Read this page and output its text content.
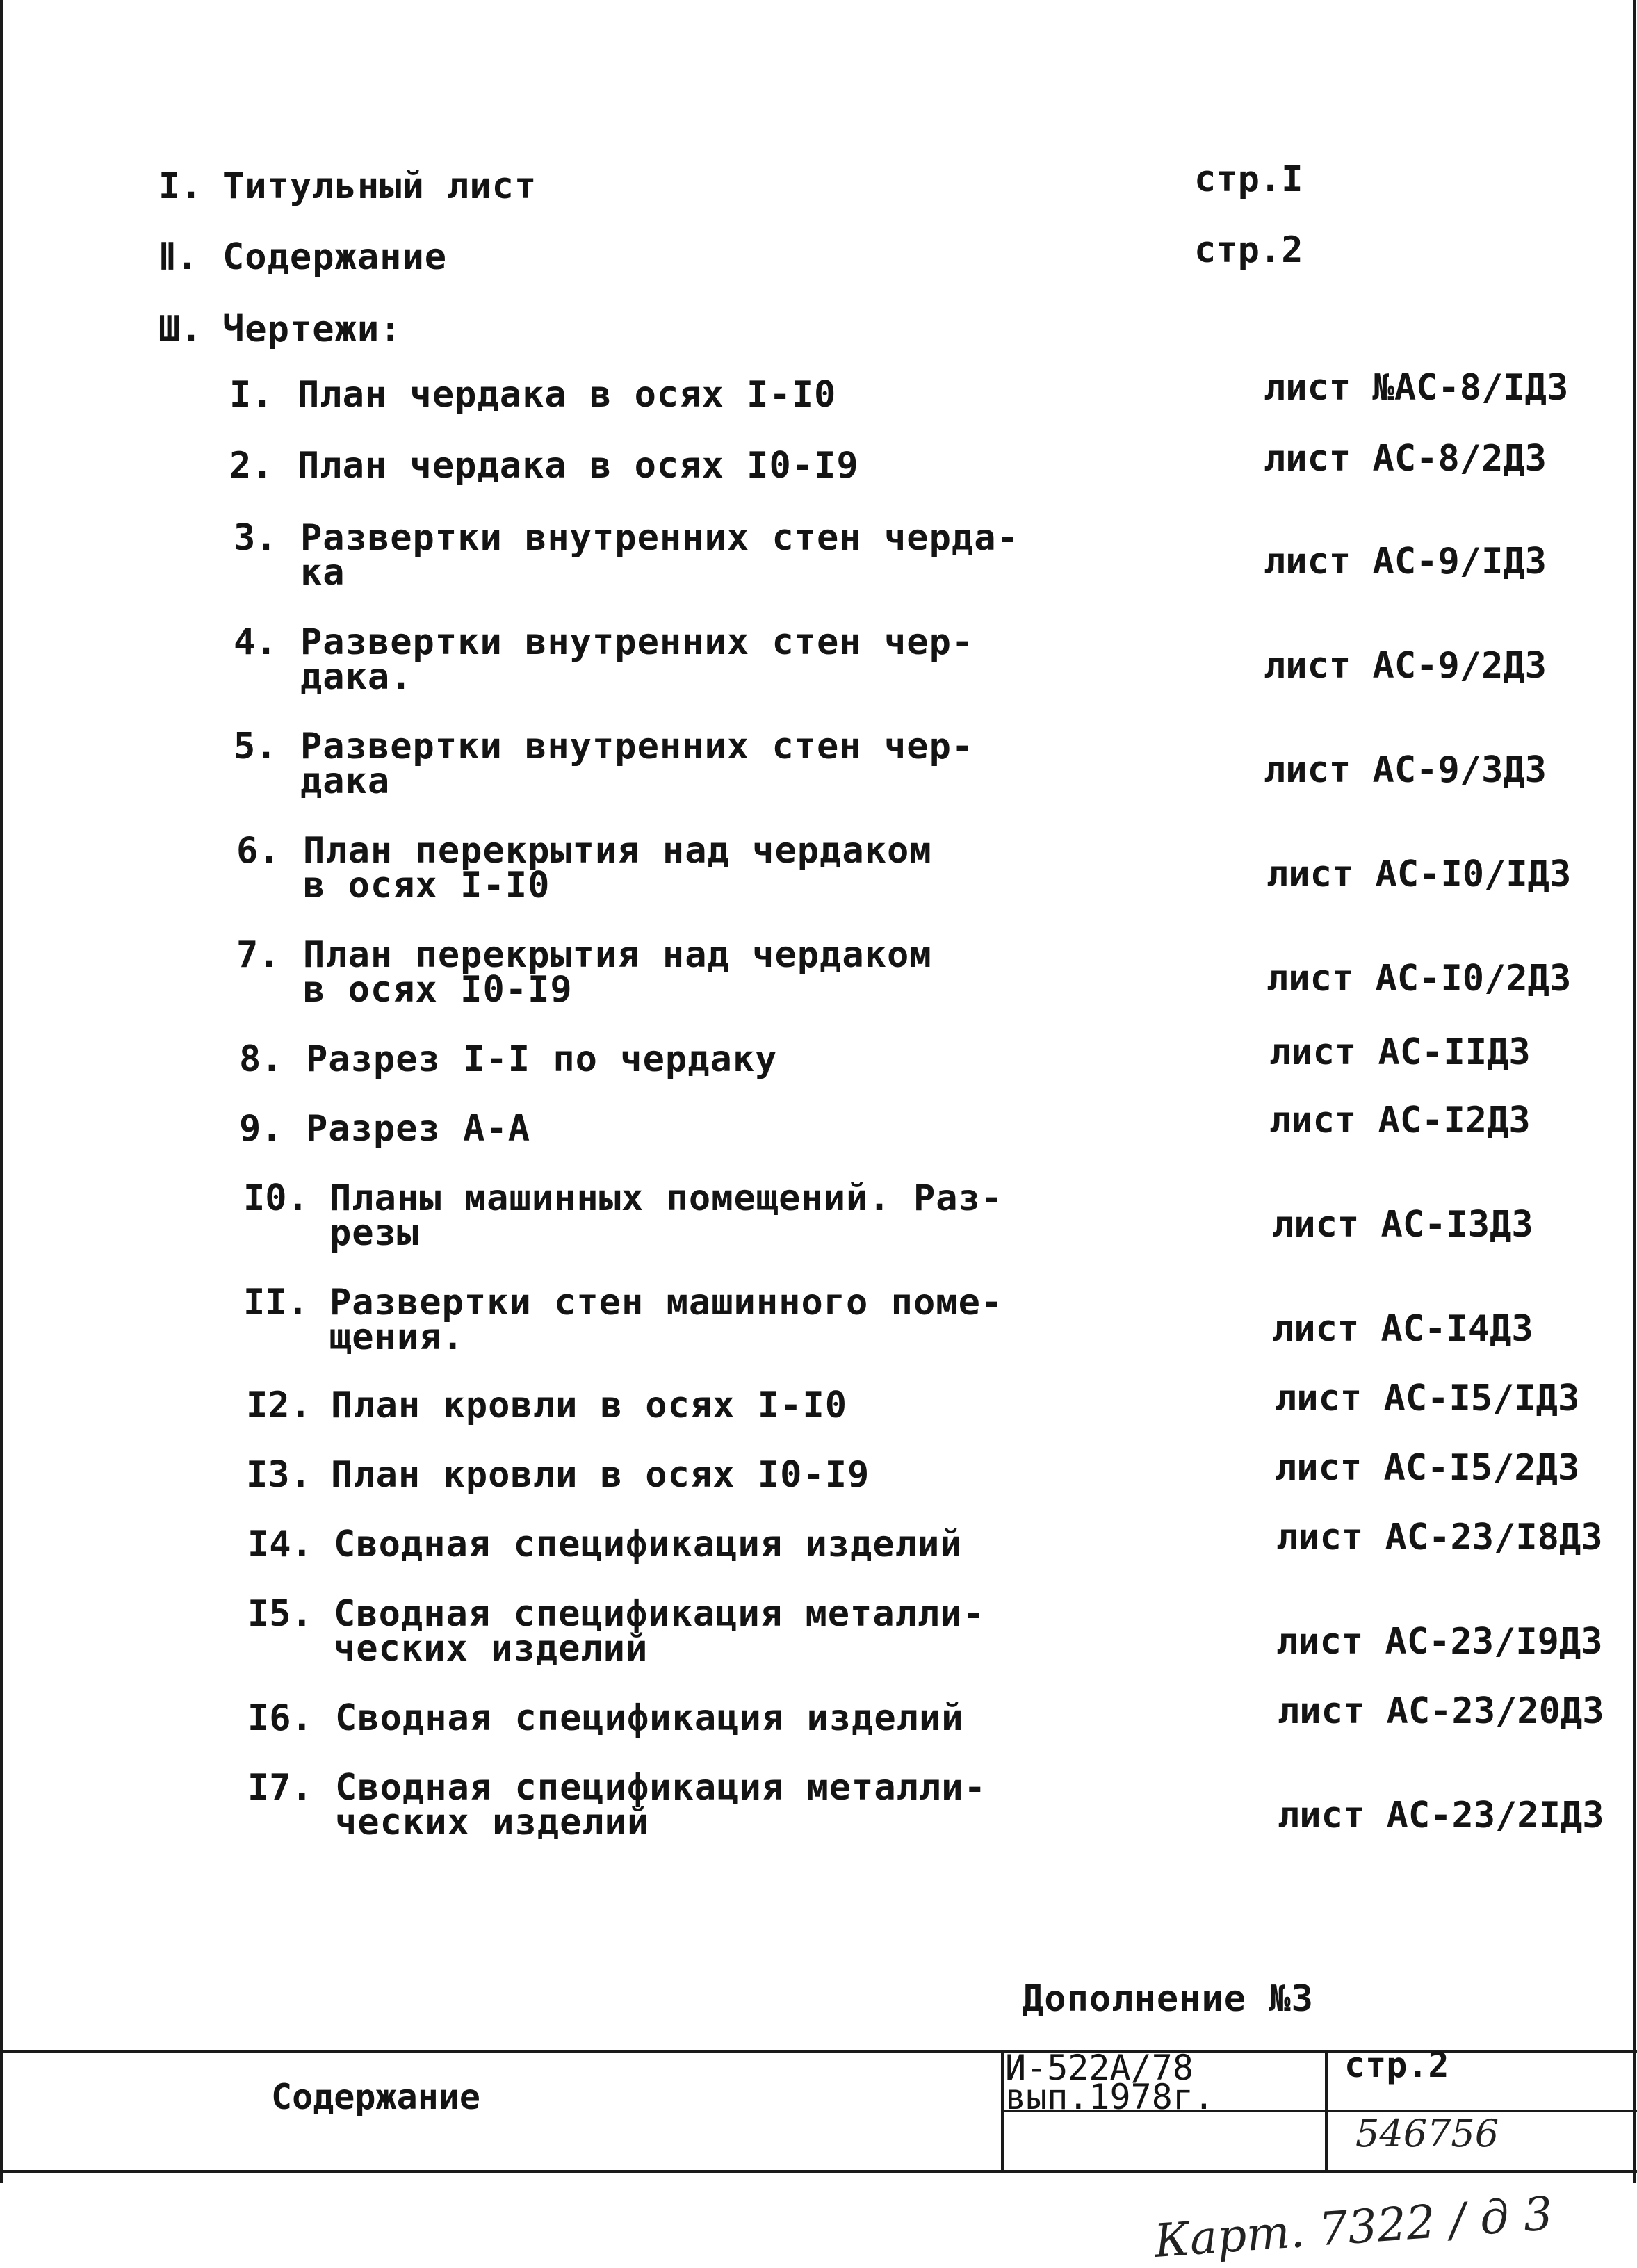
I. Титульный лист	стр.I
Ⅱ. Содержание	стр.2
Ш. Чертежи:
I. План чердака в осях I-I0	лист №АС-8/IД3
2. План чердака в осях I0-I9	лист АС-8/2Д3
3. Развертки внутренних стен черда-
ка	лист АС-9/IД3
4. Развертки внутренних стен чер-
дака.	лист АС-9/2Д3
5. Развертки внутренних стен чер-
дака	лист АС-9/3Д3
6. План перекрытия над чердаком
в осях I-I0	лист АС-I0/IД3
7. План перекрытия над чердаком
в осях I0-I9	лист АС-I0/2Д3
8. Разрез I-I по чердаку	лист АС-IIД3
9. Разрез А-А	лист АС-I2Д3
I0. Планы машинных помещений. Раз-
резы	лист АС-I3Д3
II. Развертки стен машинного поме-
щения.	лист АС-I4Д3
I2. План кровли в осях I-I0	лист АС-I5/IД3
I3. План кровли в осях I0-I9	лист АС-I5/2Д3
I4. Сводная спецификация изделий	лист АС-23/I8Д3
I5. Сводная спецификация металли-
ческих изделий	лист АС-23/I9Д3
I6. Сводная спецификация изделий	лист АС-23/20Д3
I7. Сводная спецификация металли-
ческих изделий	лист АС-23/2IД3
Дополнение №3
Содержание
И-522А/78
вып.1978г.
стр.2
546756
Карт. 7322 / д 3
